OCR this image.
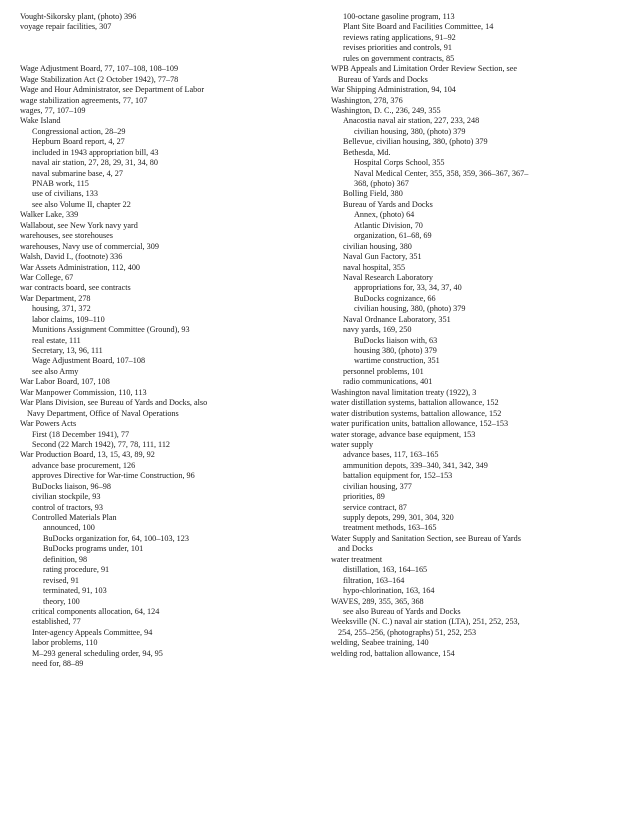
Vought-Sikorsky plant, (photo) 396
voyage repair facilities, 307
Wage Adjustment Board, 77, 107–108, 108–109
Wage Stabilization Act (2 October 1942), 77–78
Wage and Hour Administrator, see Department of Labor
wage stabilization agreements, 77, 107
wages, 77, 107–109
Wake Island
Congressional action, 28–29
Hepburn Board report, 4, 27
included in 1943 appropriation bill, 43
naval air station, 27, 28, 29, 31, 34, 80
naval submarine base, 4, 27
PNAB work, 115
use of civilians, 133
see also Volume II, chapter 22
Walker Lake, 339
Wallabout, see New York navy yard
warehouses, see storehouses
warehouses, Navy use of commercial, 309
Walsh, David I., (footnote) 336
War Assets Administration, 112, 400
War College, 67
war contracts board, see contracts
War Department, 278
housing, 371, 372
labor claims, 109–110
Munitions Assignment Committee (Ground), 93
real estate, 111
Secretary, 13, 96, 111
Wage Adjustment Board, 107–108
see also Army
War Labor Board, 107, 108
War Manpower Commission, 110, 113
War Plans Division, see Bureau of Yards and Docks, also
Navy Department, Office of Naval Operations
War Powers Acts
First (18 December 1941), 77
Second (22 March 1942), 77, 78, 111, 112
War Production Board, 13, 15, 43, 89, 92
advance base procurement, 126
approves Directive for War-time Construction, 96
BuDocks liaison, 96–98
civilian stockpile, 93
control of tractors, 93
Controlled Materials Plan
announced, 100
BuDocks organization for, 64, 100–103, 123
BuDocks programs under, 101
definition, 98
rating procedure, 91
revised, 91
terminated, 91, 103
theory, 100
critical components allocation, 64, 124
established, 77
Inter-agency Appeals Committee, 94
labor problems, 110
M–293 general scheduling order, 94, 95
need for, 88–89
100-octane gasoline program, 113
Plant Site Board and Facilities Committee, 14
reviews rating applications, 91–92
revises priorities and controls, 91
rules on government contracts, 85
WPB Appeals and Limitation Order Review Section, see
Bureau of Yards and Docks
War Shipping Administration, 94, 104
Washington, 278, 376
Washington, D. C., 236, 249, 355
Anacostia naval air station, 227, 233, 248
civilian housing, 380, (photo) 379
Bellevue, civilian housing, 380, (photo) 379
Bethesda, Md.
Hospital Corps School, 355
Naval Medical Center, 355, 358, 359, 366–367, 367–
368, (photo) 367
Bolling Field, 380
Bureau of Yards and Docks
Annex, (photo) 64
Atlantic Division, 70
organization, 61–68, 69
civilian housing, 380
Naval Gun Factory, 351
naval hospital, 355
Naval Research Laboratory
appropriations for, 33, 34, 37, 40
BuDocks cognizance, 66
civilian housing, 380, (photo) 379
Naval Ordnance Laboratory, 351
navy yards, 169, 250
BuDocks liaison with, 63
housing 380, (photo) 379
wartime construction, 351
personnel problems, 101
radio communications, 401
Washington naval limitation treaty (1922), 3
water distillation systems, battalion allowance, 152
water distribution systems, battalion allowance, 152
water purification units, battalion allowance, 152–153
water storage, advance base equipment, 153
water supply
advance bases, 117, 163–165
ammunition depots, 339–340, 341, 342, 349
battalion equipment for, 152–153
civilian housing, 377
priorities, 89
service contract, 87
supply depots, 299, 301, 304, 320
treatment methods, 163–165
Water Supply and Sanitation Section, see Bureau of Yards
and Docks
water treatment
distillation, 163, 164–165
filtration, 163–164
hypo-chlorination, 163, 164
WAVES, 289, 355, 365, 368
see also Bureau of Yards and Docks
Weeksville (N. C.) naval air station (LTA), 251, 252, 253,
254, 255–256, (photographs) 51, 252, 253
welding, Seabee training, 140
welding rod, battalion allowance, 154
